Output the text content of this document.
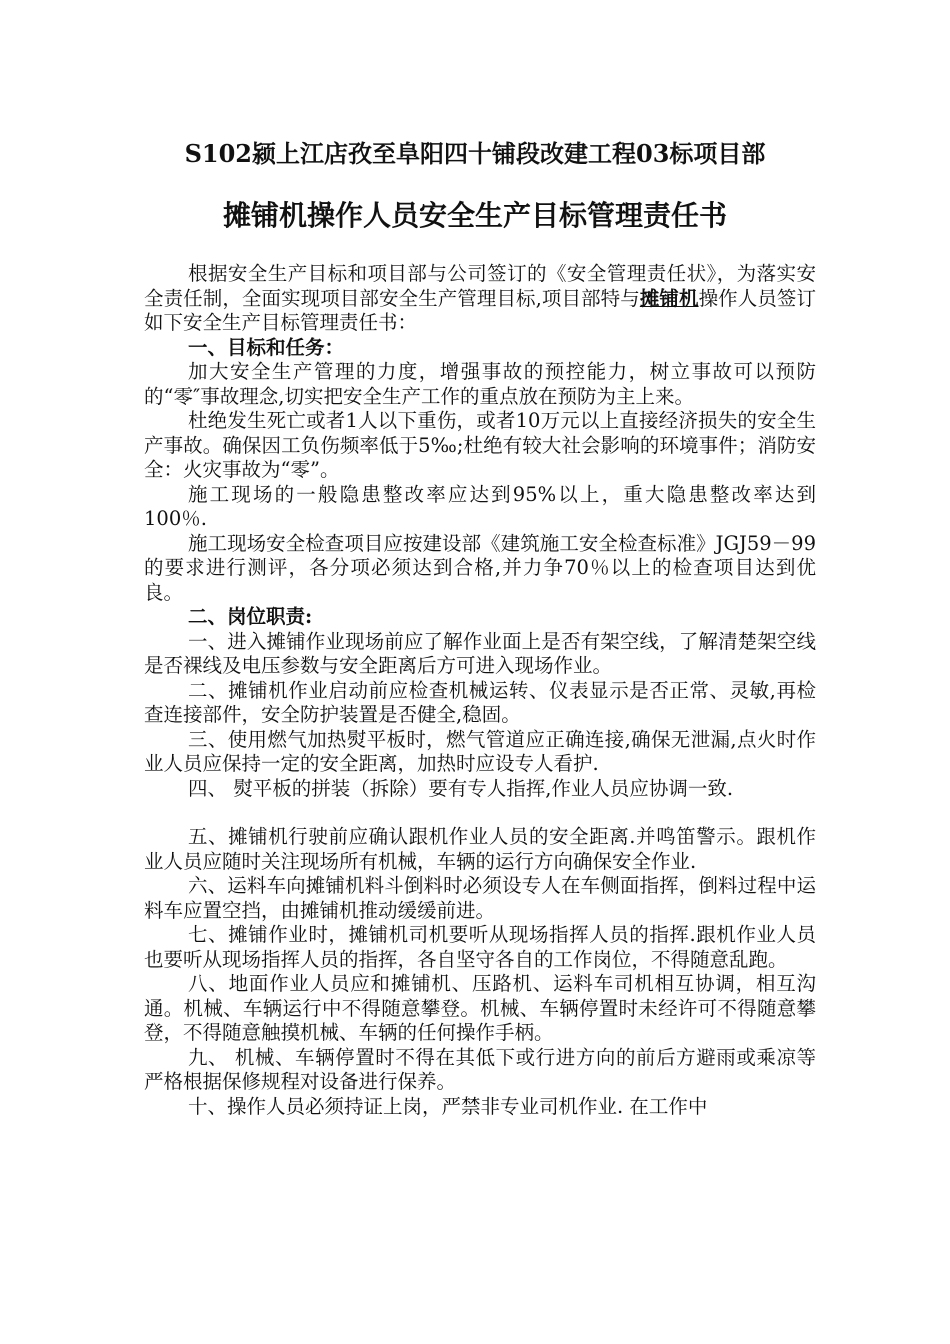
S102颍上江店孜至阜阳四十铺段改建工程03标项目部
摊铺机操作人员安全生产目标管理责任书

根据安全生产目标和项目部与公司签订的《安全管理责任状》，为落实安全责任制，全面实现项目部安全生产管理目标,项目部特与摊铺机操作人员签订如下安全生产目标管理责任书：

一、目标和任务：

加大安全生产管理的力度，增强事故的预控能力，树立事故可以预防的“零″事故理念,切实把安全生产工作的重点放在预防为主上来。

杜绝发生死亡或者1人以下重伤，或者10万元以上直接经济损失的安全生产事故。确保因工负伤频率低于5‰;杜绝有较大社会影响的环境事件；消防安全：火灾事故为“零”。

施工现场的一般隐患整改率应达到95%以上，重大隐患整改率达到100％.

施工现场安全检查项目应按建设部《建筑施工安全检查标准》JGJ59－99的要求进行测评，各分项必须达到合格,并力争70％以上的检查项目达到优良。

二、岗位职责:

一、进入摊铺作业现场前应了解作业面上是否有架空线，了解清楚架空线是否裸线及电压参数与安全距离后方可进入现场作业。

二、摊铺机作业启动前应检查机械运转、仪表显示是否正常、灵敏,再检查连接部件，安全防护装置是否健全,稳固。

三、使用燃气加热熨平板时，燃气管道应正确连接,确保无泄漏,点火时作业人员应保持一定的安全距离，加热时应设专人看护.

四、 熨平板的拼装（拆除）要有专人指挥,作业人员应协调一致.

五、摊铺机行驶前应确认跟机作业人员的安全距离.并鸣笛警示。跟机作业人员应随时关注现场所有机械，车辆的运行方向确保安全作业.

六、运料车向摊铺机料斗倒料时必须设专人在车侧面指挥，倒料过程中运料车应置空挡，由摊铺机推动缓缓前进。

七、摊铺作业时，摊铺机司机要听从现场指挥人员的指挥.跟机作业人员也要听从现场指挥人员的指挥，各自坚守各自的工作岗位，不得随意乱跑。

八、地面作业人员应和摊铺机、压路机、运料车司机相互协调，相互沟通。机械、车辆运行中不得随意攀登。机械、车辆停置时未经许可不得随意攀登，不得随意触摸机械、车辆的任何操作手柄。

九、 机械、车辆停置时不得在其低下或行进方向的前后方避雨或乘凉等严格根据保修规程对设备进行保养。

十、操作人员必须持证上岗，严禁非专业司机作业. 在工作中
